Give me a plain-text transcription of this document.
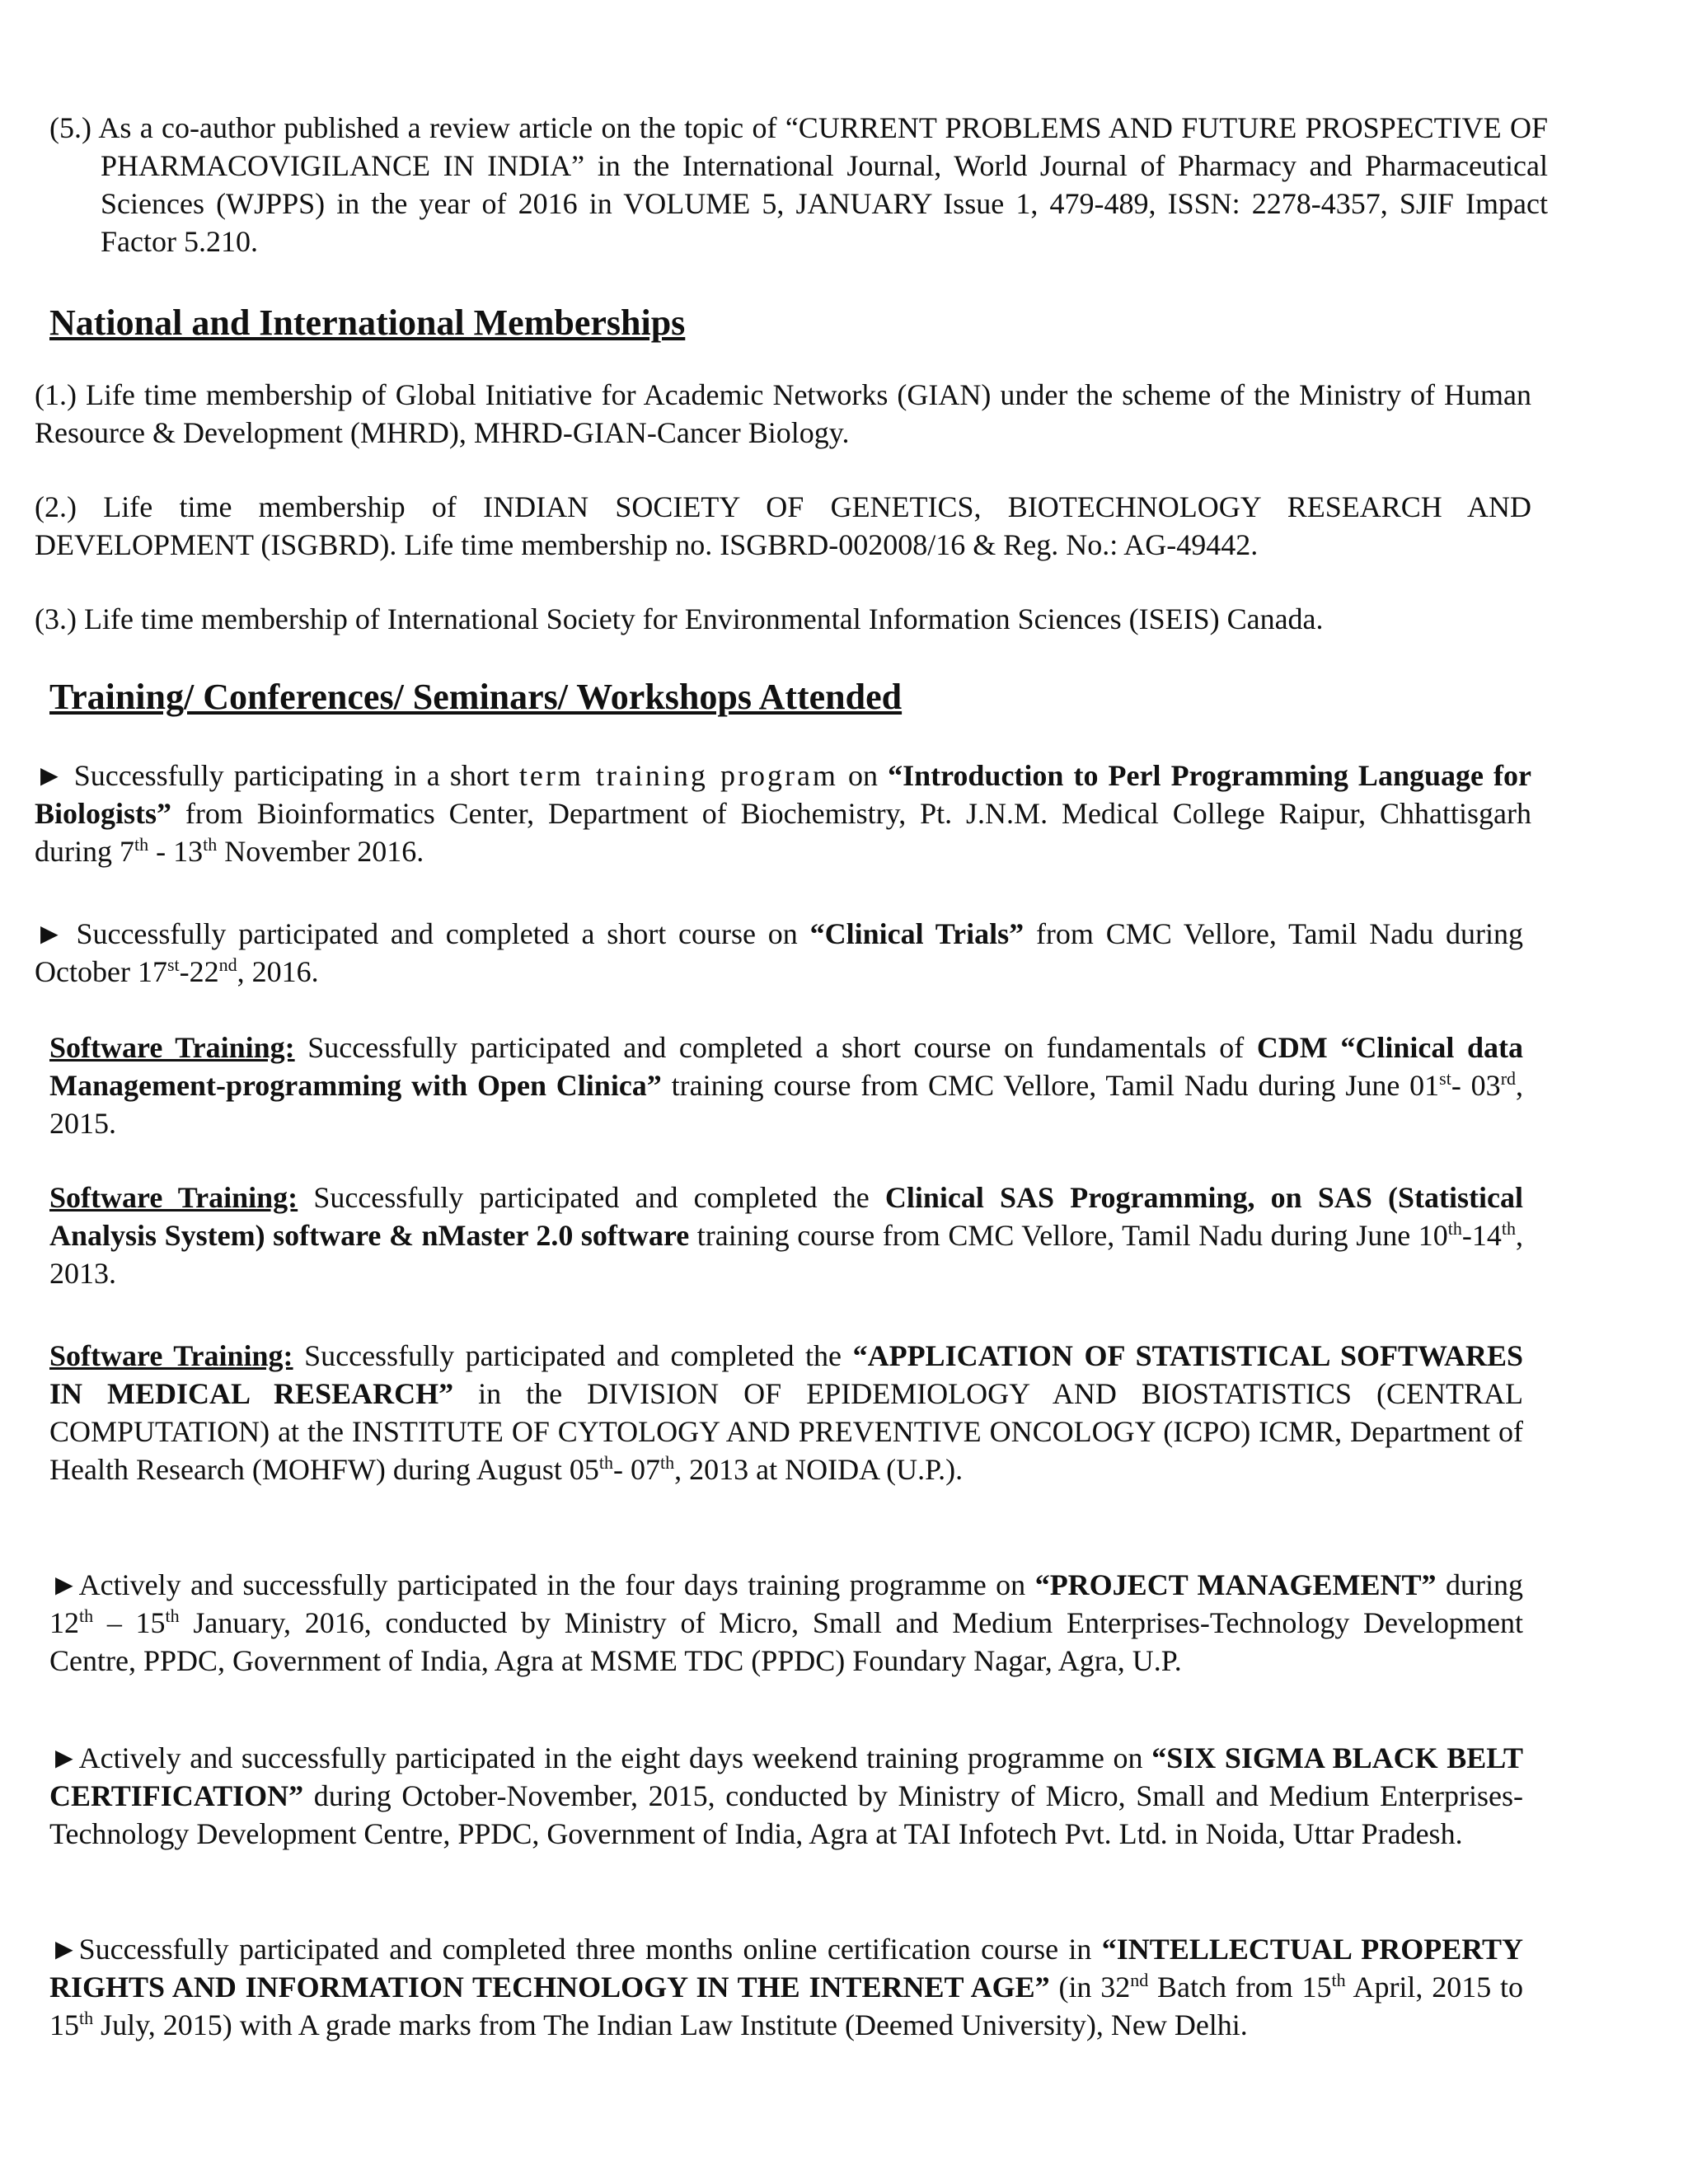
(5.) As a co-author published a review article on the topic of “CURRENT PROBLEMS AND FUTURE PROSPECTIVE OF PHARMACOVIGILANCE IN INDIA” in the International Journal, World Journal of Pharmacy and Pharmaceutical Sciences (WJPPS) in the year of 2016 in VOLUME 5, JANUARY Issue 1, 479-489, ISSN: 2278-4357, SJIF Impact Factor 5.210.
National and International Memberships
(1.) Life time membership of Global Initiative for Academic Networks (GIAN) under the scheme of the Ministry of Human Resource & Development (MHRD), MHRD-GIAN-Cancer Biology.
(2.) Life time membership of INDIAN SOCIETY OF GENETICS, BIOTECHNOLOGY RESEARCH AND DEVELOPMENT (ISGBRD). Life time membership no. ISGBRD-002008/16 & Reg. No.: AG-49442.
(3.) Life time membership of International Society for Environmental Information Sciences (ISEIS) Canada.
Training/ Conferences/ Seminars/ Workshops Attended
► Successfully participating in a short term training program on “Introduction to Perl Programming Language for Biologists” from Bioinformatics Center, Department of Biochemistry, Pt. J.N.M. Medical College Raipur, Chhattisgarh during 7th - 13th November 2016.
► Successfully participated and completed a short course on “Clinical Trials” from CMC Vellore, Tamil Nadu during October 17st-22nd, 2016.
Software Training: Successfully participated and completed a short course on fundamentals of CDM “Clinical data Management-programming with Open Clinica” training course from CMC Vellore, Tamil Nadu during June 01st- 03rd, 2015.
Software Training: Successfully participated and completed the Clinical SAS Programming, on SAS (Statistical Analysis System) software & nMaster 2.0 software training course from CMC Vellore, Tamil Nadu during June 10th-14th, 2013.
Software Training: Successfully participated and completed the “APPLICATION OF STATISTICAL SOFTWARES IN MEDICAL RESEARCH” in the DIVISION OF EPIDEMIOLOGY AND BIOSTATISTICS (CENTRAL COMPUTATION) at the INSTITUTE OF CYTOLOGY AND PREVENTIVE ONCOLOGY (ICPO) ICMR, Department of Health Research (MOHFW) during August 05th- 07th, 2013 at NOIDA (U.P.).
►Actively and successfully participated in the four days training programme on “PROJECT MANAGEMENT” during 12th – 15th January, 2016, conducted by Ministry of Micro, Small and Medium Enterprises-Technology Development Centre, PPDC, Government of India, Agra at MSME TDC (PPDC) Foundary Nagar, Agra, U.P.
►Actively and successfully participated in the eight days weekend training programme on “SIX SIGMA BLACK BELT CERTIFICATION” during October-November, 2015, conducted by Ministry of Micro, Small and Medium Enterprises-Technology Development Centre, PPDC, Government of India, Agra at TAI Infotech Pvt. Ltd. in Noida, Uttar Pradesh.
►Successfully participated and completed three months online certification course in “INTELLECTUAL PROPERTY RIGHTS AND INFORMATION TECHNOLOGY IN THE INTERNET AGE” (in 32nd Batch from 15th April, 2015 to 15th July, 2015) with A grade marks from The Indian Law Institute (Deemed University), New Delhi.
